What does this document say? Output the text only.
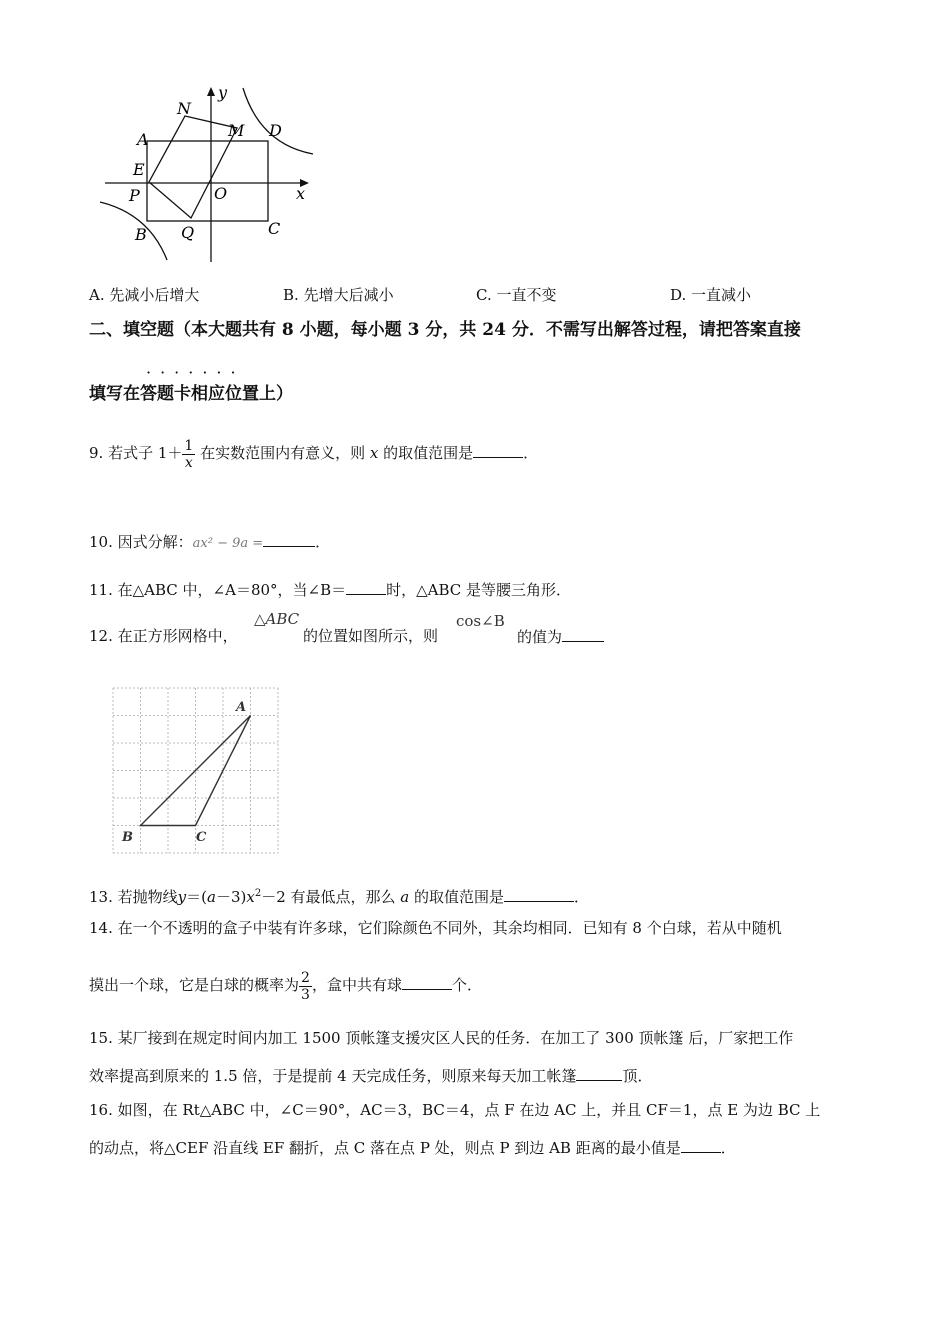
N
M D
A
E
P	O	x
y
B Q	C
A. 先减小后增大	B. 先增大后减小	C. 一直不变	D. 一直减小
二、填空题（本大题共有 8 小题，每小题 3 分，共 24 分．不需写出解答过程，请把答案直接
·······
填写在答题卡相应位置上）
9. 若式子 $1+ \frac{1}{x}$ 在实数范围内有意义，则 x 的取值范围是	．
10. 因式分解：ax² − 9a =	．
11. 在△ABC 中，∠A＝80°，当∠B＝	时，△ABC 是等腰三角形．
12. 在正方形网格中，
△ABC
的位置如图所示，则
cos∠B
的值为
A
B	C
13. 若抛物线$y=(a-3)x^2-2$ 有最低点，那么 a 的取值范围是	．
14. 在一个不透明的盒子中装有许多球，它们除颜色不同外，其余均相同．已知有 8 个白球，若从中随机
摸出一个球，它是白球的概率为 $\frac{2}{3}$ ，盒中共有球	个．
15. 某厂接到在规定时间内加工 1500 顶帐篷支援灾区人民的任务．在加工了 300 顶帐篷 后，厂家把工作
效率提高到原来的 1.5 倍，于是提前 4 天完成任务，则原来每天加工帐篷	顶．
16. 如图，在 Rt△ABC 中，∠C＝90°，AC＝3，BC＝4，点 F 在边 AC 上，并且 CF＝1，点 E 为边 BC 上
的动点，将△CEF 沿直线 EF 翻折，点 C 落在点 P 处，则点 P 到边 AB 距离的最小值是	．
